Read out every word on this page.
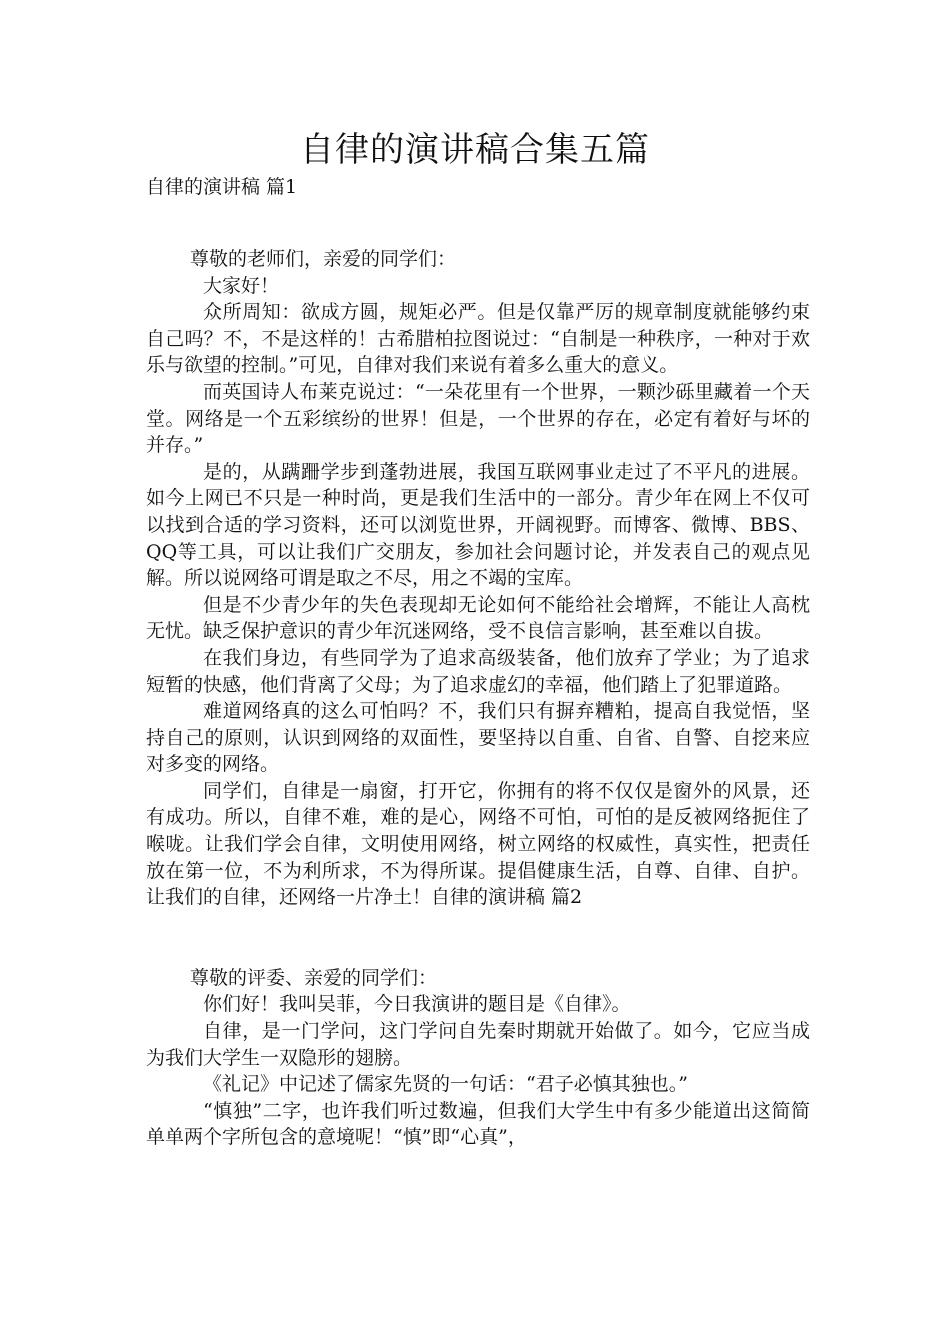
自律的演讲稿合集五篇
自律的演讲稿 篇1

尊敬的老师们，亲爱的同学们：

大家好！

众所周知：欲成方圆，规矩必严。但是仅靠严厉的规章制度就能够约束自己吗？不，不是这样的！古希腊柏拉图说过：“自制是一种秩序，一种对于欢乐与欲望的控制。”可见，自律对我们来说有着多么重大的意义。

而英国诗人布莱克说过：“一朵花里有一个世界，一颗沙砾里藏着一个天堂。网络是一个五彩缤纷的世界！但是，一个世界的存在，必定有着好与坏的并存。”

是的，从蹒跚学步到蓬勃进展，我国互联网事业走过了不平凡的进展。如今上网已不只是一种时尚，更是我们生活中的一部分。青少年在网上不仅可以找到合适的学习资料，还可以浏览世界，开阔视野。而博客、微博、BBS、QQ等工具，可以让我们广交朋友，参加社会问题讨论，并发表自己的观点见解。所以说网络可谓是取之不尽，用之不竭的宝库。

但是不少青少年的失色表现却无论如何不能给社会增辉，不能让人高枕无忧。缺乏保护意识的青少年沉迷网络，受不良信言影响，甚至难以自拔。

在我们身边，有些同学为了追求高级装备，他们放弃了学业；为了追求短暂的快感，他们背离了父母；为了追求虚幻的幸福，他们踏上了犯罪道路。

难道网络真的这么可怕吗？不，我们只有摒弃糟粕，提高自我觉悟，坚持自己的原则，认识到网络的双面性，要坚持以自重、自省、自警、自挖来应对多变的网络。

同学们，自律是一扇窗，打开它，你拥有的将不仅仅是窗外的风景，还有成功。所以，自律不难，难的是心，网络不可怕，可怕的是反被网络扼住了喉咙。让我们学会自律，文明使用网络，树立网络的权威性，真实性，把责任放在第一位，不为利所求，不为得所谋。提倡健康生活，自尊、自律、自护。让我们的自律，还网络一片净土！自律的演讲稿 篇2

尊敬的评委、亲爱的同学们：

你们好！我叫吴菲，今日我演讲的题目是《自律》。

自律，是一门学问，这门学问自先秦时期就开始做了。如今，它应当成为我们大学生一双隐形的翅膀。

《礼记》中记述了儒家先贤的一句话：“君子必慎其独也。”

“慎独”二字，也许我们听过数遍，但我们大学生中有多少能道出这简简单单两个字所包含的意境呢！“慎”即“心真”，
